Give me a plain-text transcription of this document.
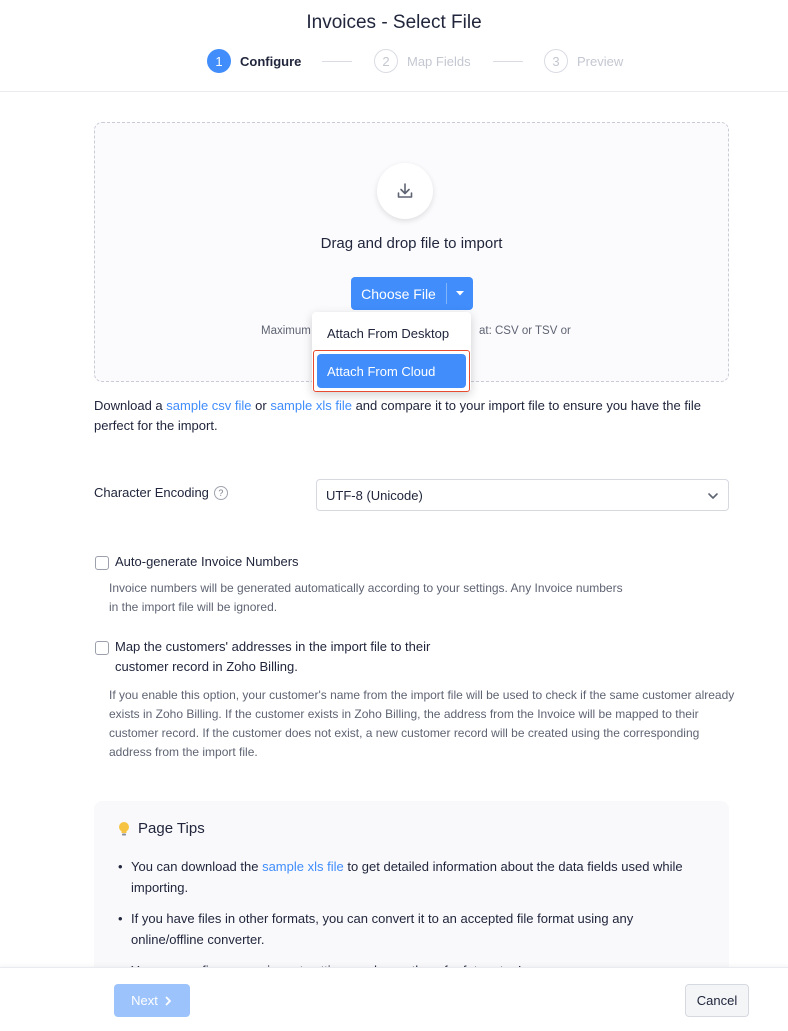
Invoices - Select File
1	Configure	2	Map Fields	3	Preview
Drag and drop file to import
Choose File
Maximum	at: CSV or TSV or
Attach From Desktop
Attach From Cloud
Download a sample csv file or sample xls file and compare it to your import file to ensure you have the file perfect for the import.
Character Encoding	?	UTF-8 (Unicode)
Auto-generate Invoice Numbers
Invoice numbers will be generated automatically according to your settings. Any Invoice numbers in the import file will be ignored.
Map the customers' addresses in the import file to their customer record in Zoho Billing.
If you enable this option, your customer's name from the import file will be used to check if the same customer already exists in Zoho Billing. If the customer exists in Zoho Billing, the address from the Invoice will be mapped to their customer record. If the customer does not exist, a new customer record will be created using the corresponding address from the import file.
Page Tips
• You can download the sample xls file to get detailed information about the data fields used while importing.
• If you have files in other formats, you can convert it to an accepted file format using any online/offline converter.
•
Next	Cancel
